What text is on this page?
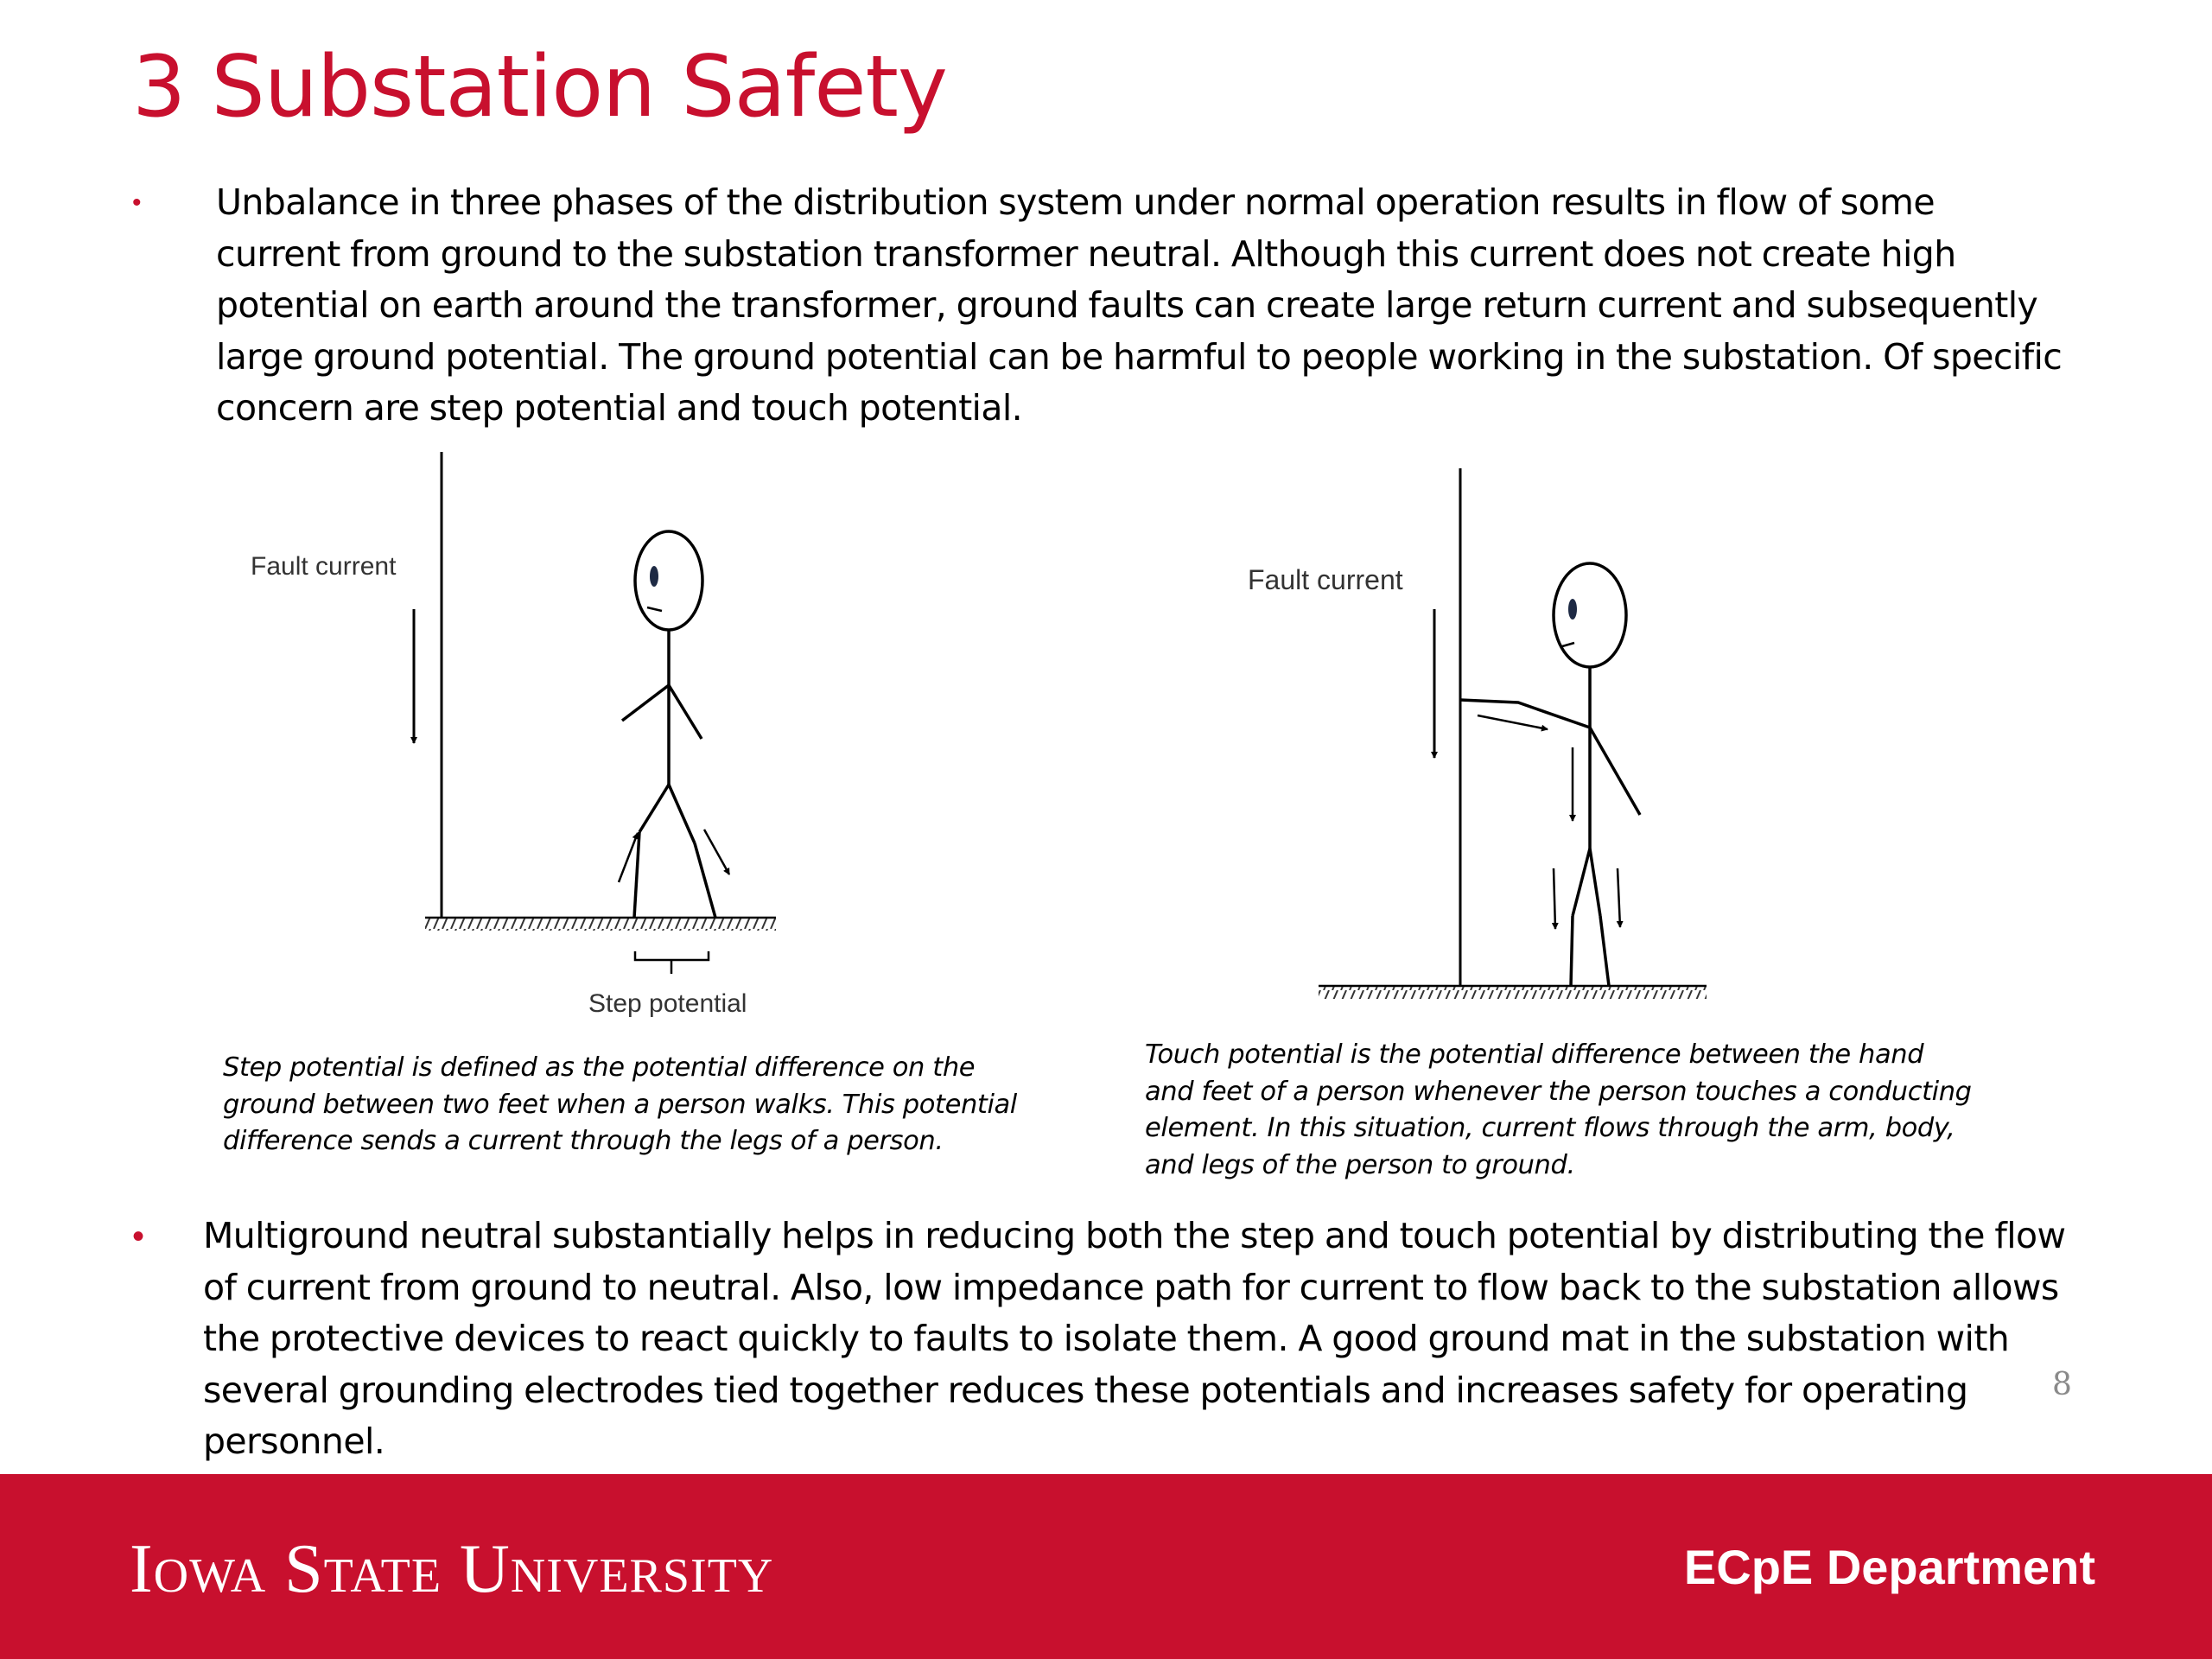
3 Substation Safety
•	Unbalance in three phases of the distribution system under normal operation results in flow of some current from ground to the substation transformer neutral. Although this current does not create high potential on earth around the transformer, ground faults can create large return current and subsequently large ground potential. The ground potential can be harmful to people working in the substation. Of specific concern are step potential and touch potential.
Fault current
Step potential

Step potential is defined as the potential difference on the ground between two feet when a person walks. This potential difference sends a current through the legs of a person.

Fault current

Touch potential is the potential difference between the hand and feet of a person whenever the person touches a conducting element. In this situation, current flows through the arm, body, and legs of the person to ground.

•	Multiground neutral substantially helps in reducing both the step and touch potential by distributing the flow of current from ground to neutral. Also, low impedance path for current to flow back to the substation allows the protective devices to react quickly to faults to isolate them. A good ground mat in the substation with several grounding electrodes tied together reduces these potentials and increases safety for operating personnel.
8
Iowa State University	ECpE Department
